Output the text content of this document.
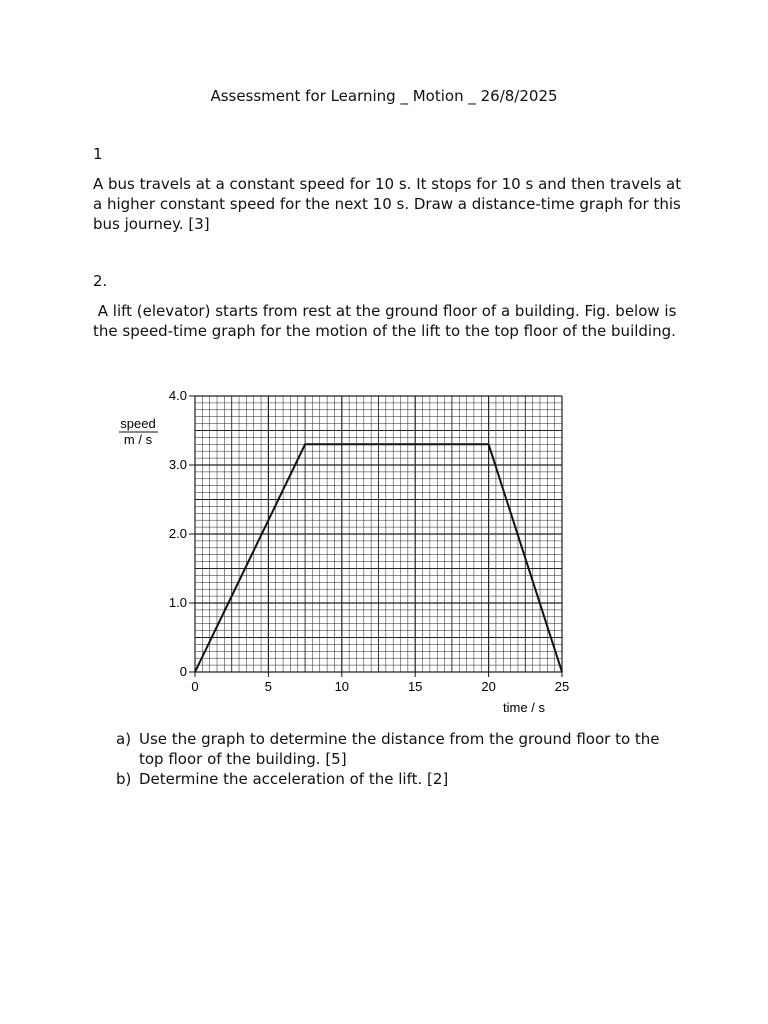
Assessment for Learning _ Motion _ 26/8/2025
1
A bus travels at a constant speed for 10 s. It stops for 10 s and then travels at a higher constant speed for the next 10 s. Draw a distance-time graph for this bus journey. [3]
2.
A lift (elevator) starts from rest at the ground floor of a building. Fig. below is the speed-time graph for the motion of the lift to the top floor of the building.
0	5	10	15	20	25
0
1.0
2.0
3.0
4.0
speed
m / s
time / s
a) Use the graph to determine the distance from the ground floor to the top floor of the building. [5]
b) Determine the acceleration of the lift. [2]
